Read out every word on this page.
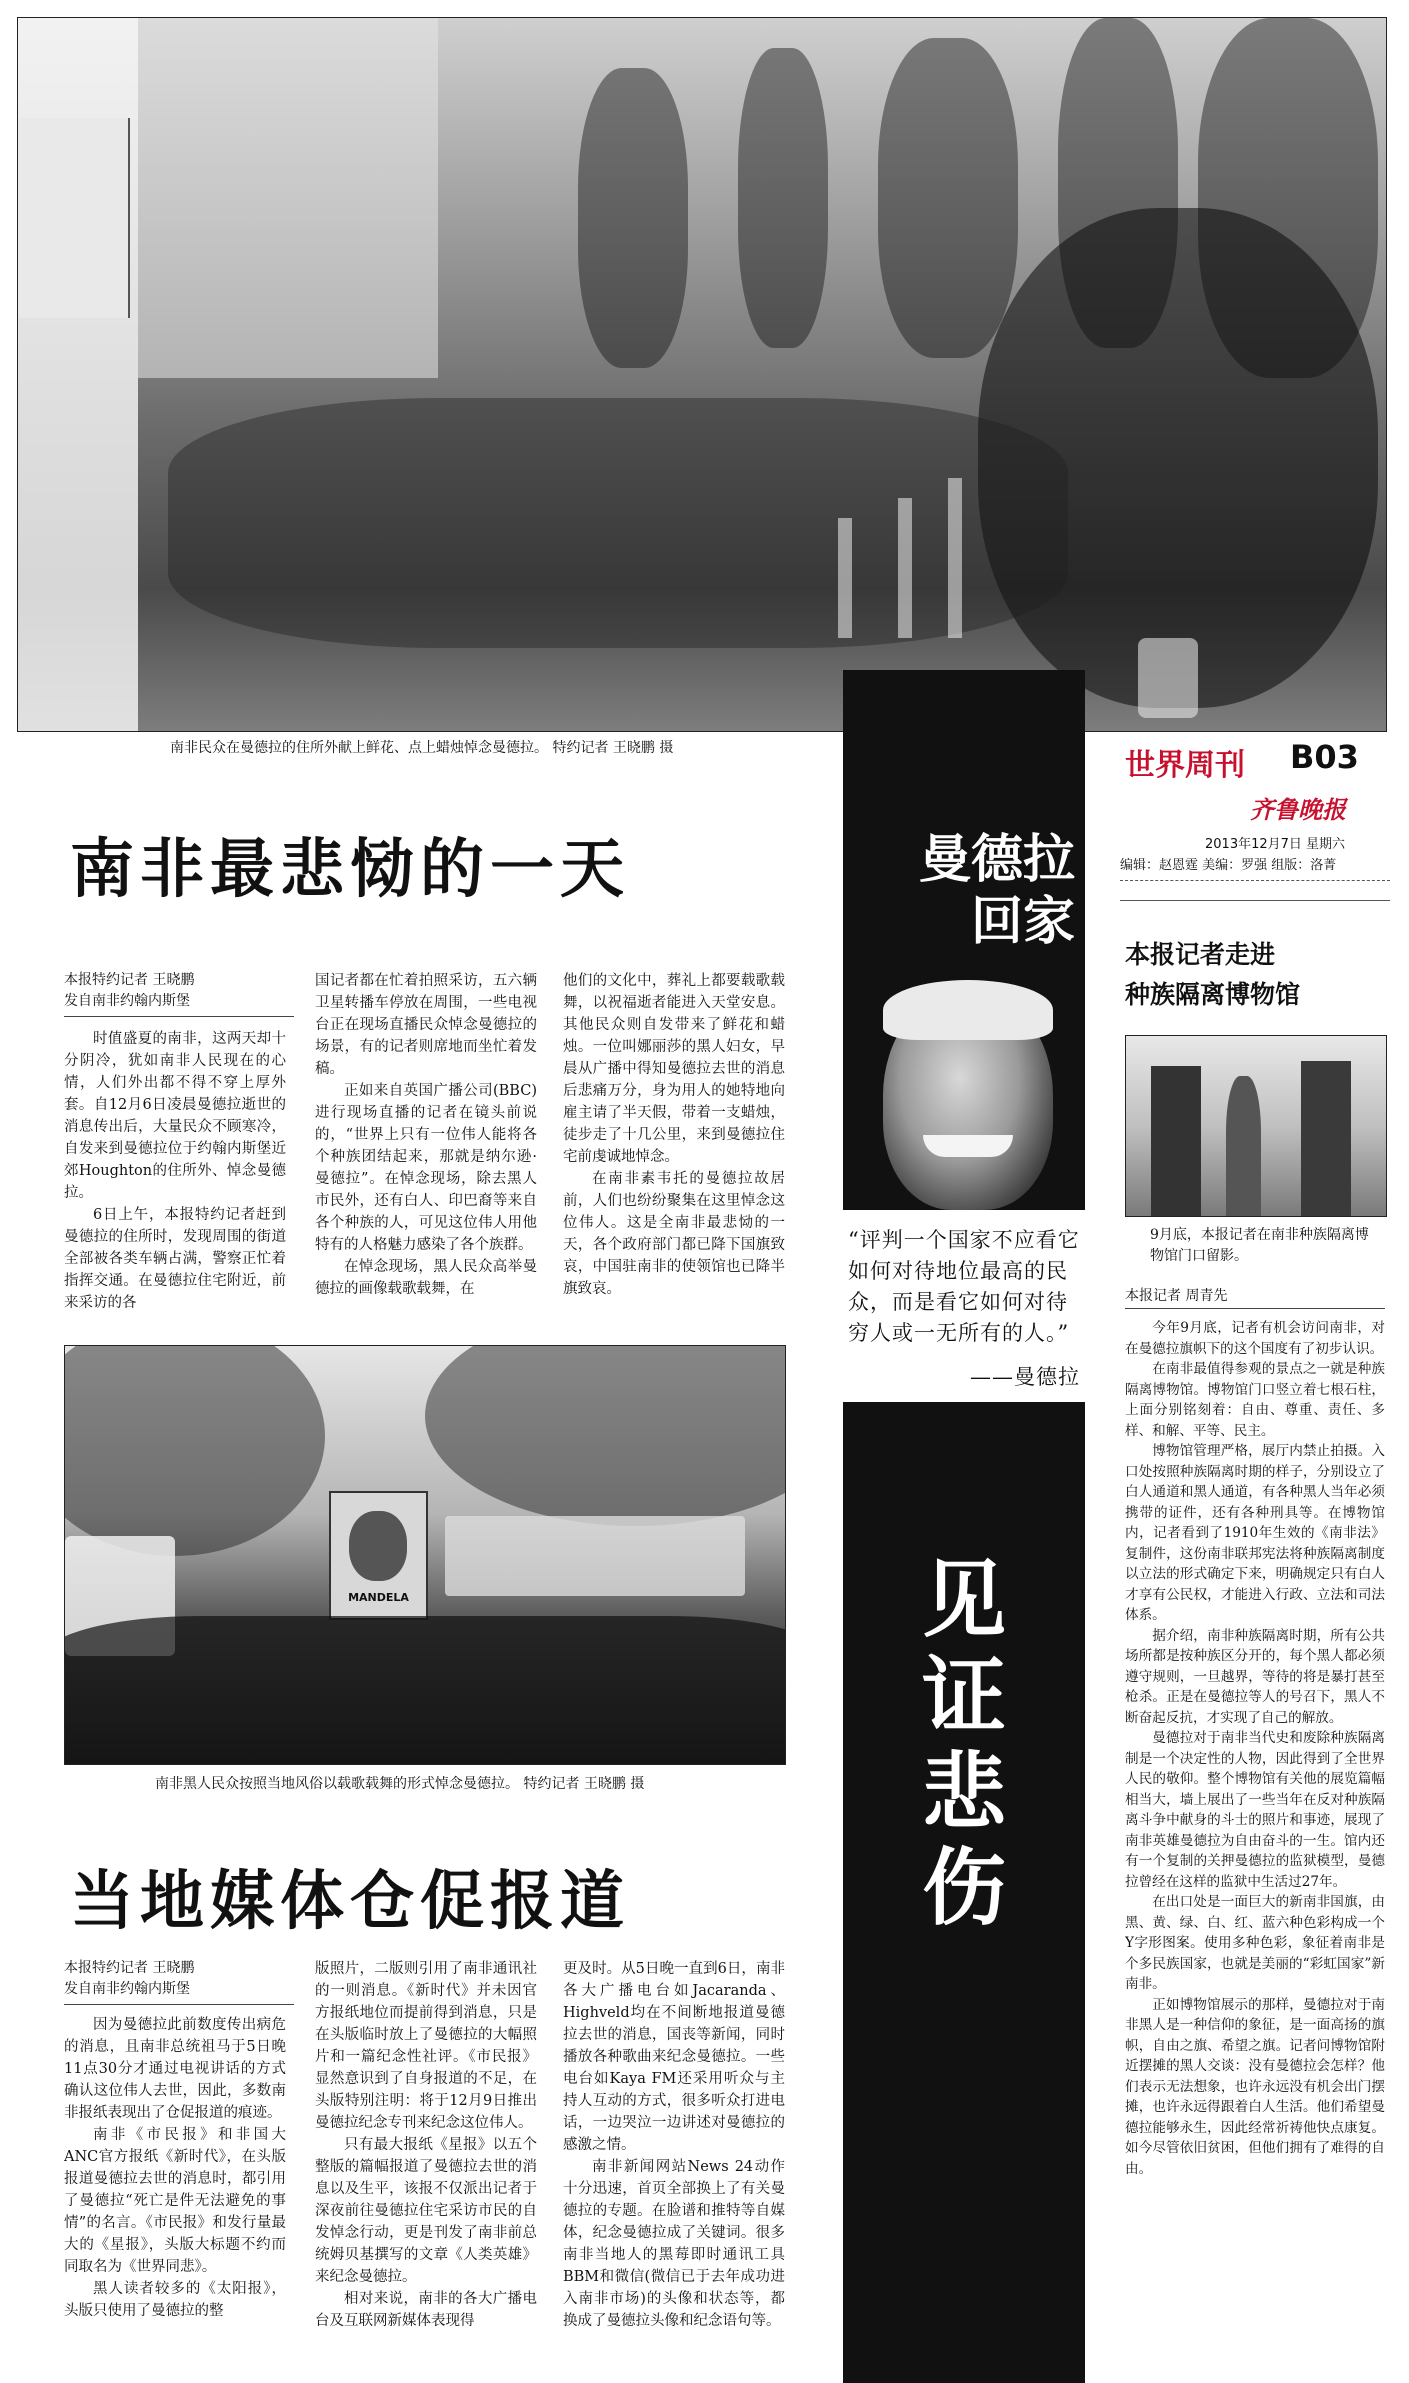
南非民众在曼德拉的住所外献上鲜花、点上蜡烛悼念曼德拉。 特约记者 王晓鹏 摄
南非最悲恸的一天
本报特约记者 王晓鹏
发自南非约翰内斯堡

时值盛夏的南非，这两天却十分阴冷，犹如南非人民现在的心情，人们外出都不得不穿上厚外套。自12月6日凌晨曼德拉逝世的消息传出后，大量民众不顾寒冷，自发来到曼德拉位于约翰内斯堡近郊Houghton的住所外、悼念曼德拉。

6日上午，本报特约记者赶到曼德拉的住所时，发现周围的街道全部被各类车辆占满，警察正忙着指挥交通。在曼德拉住宅附近，前来采访的各

国记者都在忙着拍照采访，五六辆卫星转播车停放在周围，一些电视台正在现场直播民众悼念曼德拉的场景，有的记者则席地而坐忙着发稿。

正如来自英国广播公司(BBC)进行现场直播的记者在镜头前说的，“世界上只有一位伟人能将各个种族团结起来，那就是纳尔逊·曼德拉”。在悼念现场，除去黑人市民外，还有白人、印巴裔等来自各个种族的人，可见这位伟人用他特有的人格魅力感染了各个族群。

在悼念现场，黑人民众高举曼德拉的画像载歌载舞，在

他们的文化中，葬礼上都要载歌载舞，以祝福逝者能进入天堂安息。其他民众则自发带来了鲜花和蜡烛。一位叫娜丽莎的黑人妇女，早晨从广播中得知曼德拉去世的消息后悲痛万分，身为用人的她特地向雇主请了半天假，带着一支蜡烛，徒步走了十几公里，来到曼德拉住宅前虔诚地悼念。

在南非素韦托的曼德拉故居前，人们也纷纷聚集在这里悼念这位伟人。这是全南非最悲恸的一天，各个政府部门都已降下国旗致哀，中国驻南非的使领馆也已降半旗致哀。

MANDELA
南非黑人民众按照当地风俗以载歌载舞的形式悼念曼德拉。 特约记者 王晓鹏 摄
当地媒体仓促报道
本报特约记者 王晓鹏
发自南非约翰内斯堡

因为曼德拉此前数度传出病危的消息，且南非总统祖马于5日晚11点30分才通过电视讲话的方式确认这位伟人去世，因此，多数南非报纸表现出了仓促报道的痕迹。

南非《市民报》和非国大ANC官方报纸《新时代》，在头版报道曼德拉去世的消息时，都引用了曼德拉“死亡是件无法避免的事情”的名言。《市民报》和发行量最大的《星报》，头版大标题不约而同取名为《世界同悲》。

黑人读者较多的《太阳报》，头版只使用了曼德拉的整

版照片，二版则引用了南非通讯社的一则消息。《新时代》并未因官方报纸地位而提前得到消息，只是在头版临时放上了曼德拉的大幅照片和一篇纪念性社评。《市民报》显然意识到了自身报道的不足，在头版特别注明：将于12月9日推出曼德拉纪念专刊来纪念这位伟人。

只有最大报纸《星报》以五个整版的篇幅报道了曼德拉去世的消息以及生平，该报不仅派出记者于深夜前往曼德拉住宅采访市民的自发悼念行动，更是刊发了南非前总统姆贝基撰写的文章《人类英雄》来纪念曼德拉。

相对来说，南非的各大广播电台及互联网新媒体表现得

更及时。从5日晚一直到6日，南非各大广播电台如Jacaranda、Highveld均在不间断地报道曼德拉去世的消息，国丧等新闻，同时播放各种歌曲来纪念曼德拉。一些电台如Kaya FM还采用听众与主持人互动的方式，很多听众打进电话，一边哭泣一边讲述对曼德拉的感激之情。

南非新闻网站News 24动作十分迅速，首页全部换上了有关曼德拉的专题。在脸谱和推特等自媒体，纪念曼德拉成了关键词。很多南非当地人的黑莓即时通讯工具BBM和微信(微信已于去年成功进入南非市场)的头像和状态等，都换成了曼德拉头像和纪念语句等。

曼德拉
回家
“评判一个国家不应看它如何对待地位最高的民众，而是看它如何对待穷人或一无所有的人。”
——曼德拉
见
证
悲
伤
世界周刊 B03
齐鲁晚报
2013年12月7日 星期六
编辑：赵恩霆 美编：罗强 组版：洛菁
本报记者走进
种族隔离博物馆
9月底，本报记者在南非种族隔离博物馆门口留影。
本报记者 周青先

今年9月底，记者有机会访问南非，对在曼德拉旗帜下的这个国度有了初步认识。

在南非最值得参观的景点之一就是种族隔离博物馆。博物馆门口竖立着七根石柱，上面分别铭刻着：自由、尊重、责任、多样、和解、平等、民主。

博物馆管理严格，展厅内禁止拍摄。入口处按照种族隔离时期的样子，分别设立了白人通道和黑人通道，有各种黑人当年必须携带的证件，还有各种刑具等。在博物馆内，记者看到了1910年生效的《南非法》复制件，这份南非联邦宪法将种族隔离制度以立法的形式确定下来，明确规定只有白人才享有公民权，才能进入行政、立法和司法体系。

据介绍，南非种族隔离时期，所有公共场所都是按种族区分开的，每个黑人都必须遵守规则，一旦越界，等待的将是暴打甚至枪杀。正是在曼德拉等人的号召下，黑人不断奋起反抗，才实现了自己的解放。

曼德拉对于南非当代史和废除种族隔离制是一个决定性的人物，因此得到了全世界人民的敬仰。整个博物馆有关他的展览篇幅相当大，墙上展出了一些当年在反对种族隔离斗争中献身的斗士的照片和事迹，展现了南非英雄曼德拉为自由奋斗的一生。馆内还有一个复制的关押曼德拉的监狱模型，曼德拉曾经在这样的监狱中生活过27年。

在出口处是一面巨大的新南非国旗，由黑、黄、绿、白、红、蓝六种色彩构成一个Y字形图案。使用多种色彩，象征着南非是个多民族国家，也就是美丽的“彩虹国家”新南非。

正如博物馆展示的那样，曼德拉对于南非黑人是一种信仰的象征，是一面高扬的旗帜，自由之旗、希望之旗。记者问博物馆附近摆摊的黑人交谈：没有曼德拉会怎样？他们表示无法想象，也许永远没有机会出门摆摊，也许永远得跟着白人生活。他们希望曼德拉能够永生，因此经常祈祷他快点康复。如今尽管依旧贫困，但他们拥有了难得的自由。
